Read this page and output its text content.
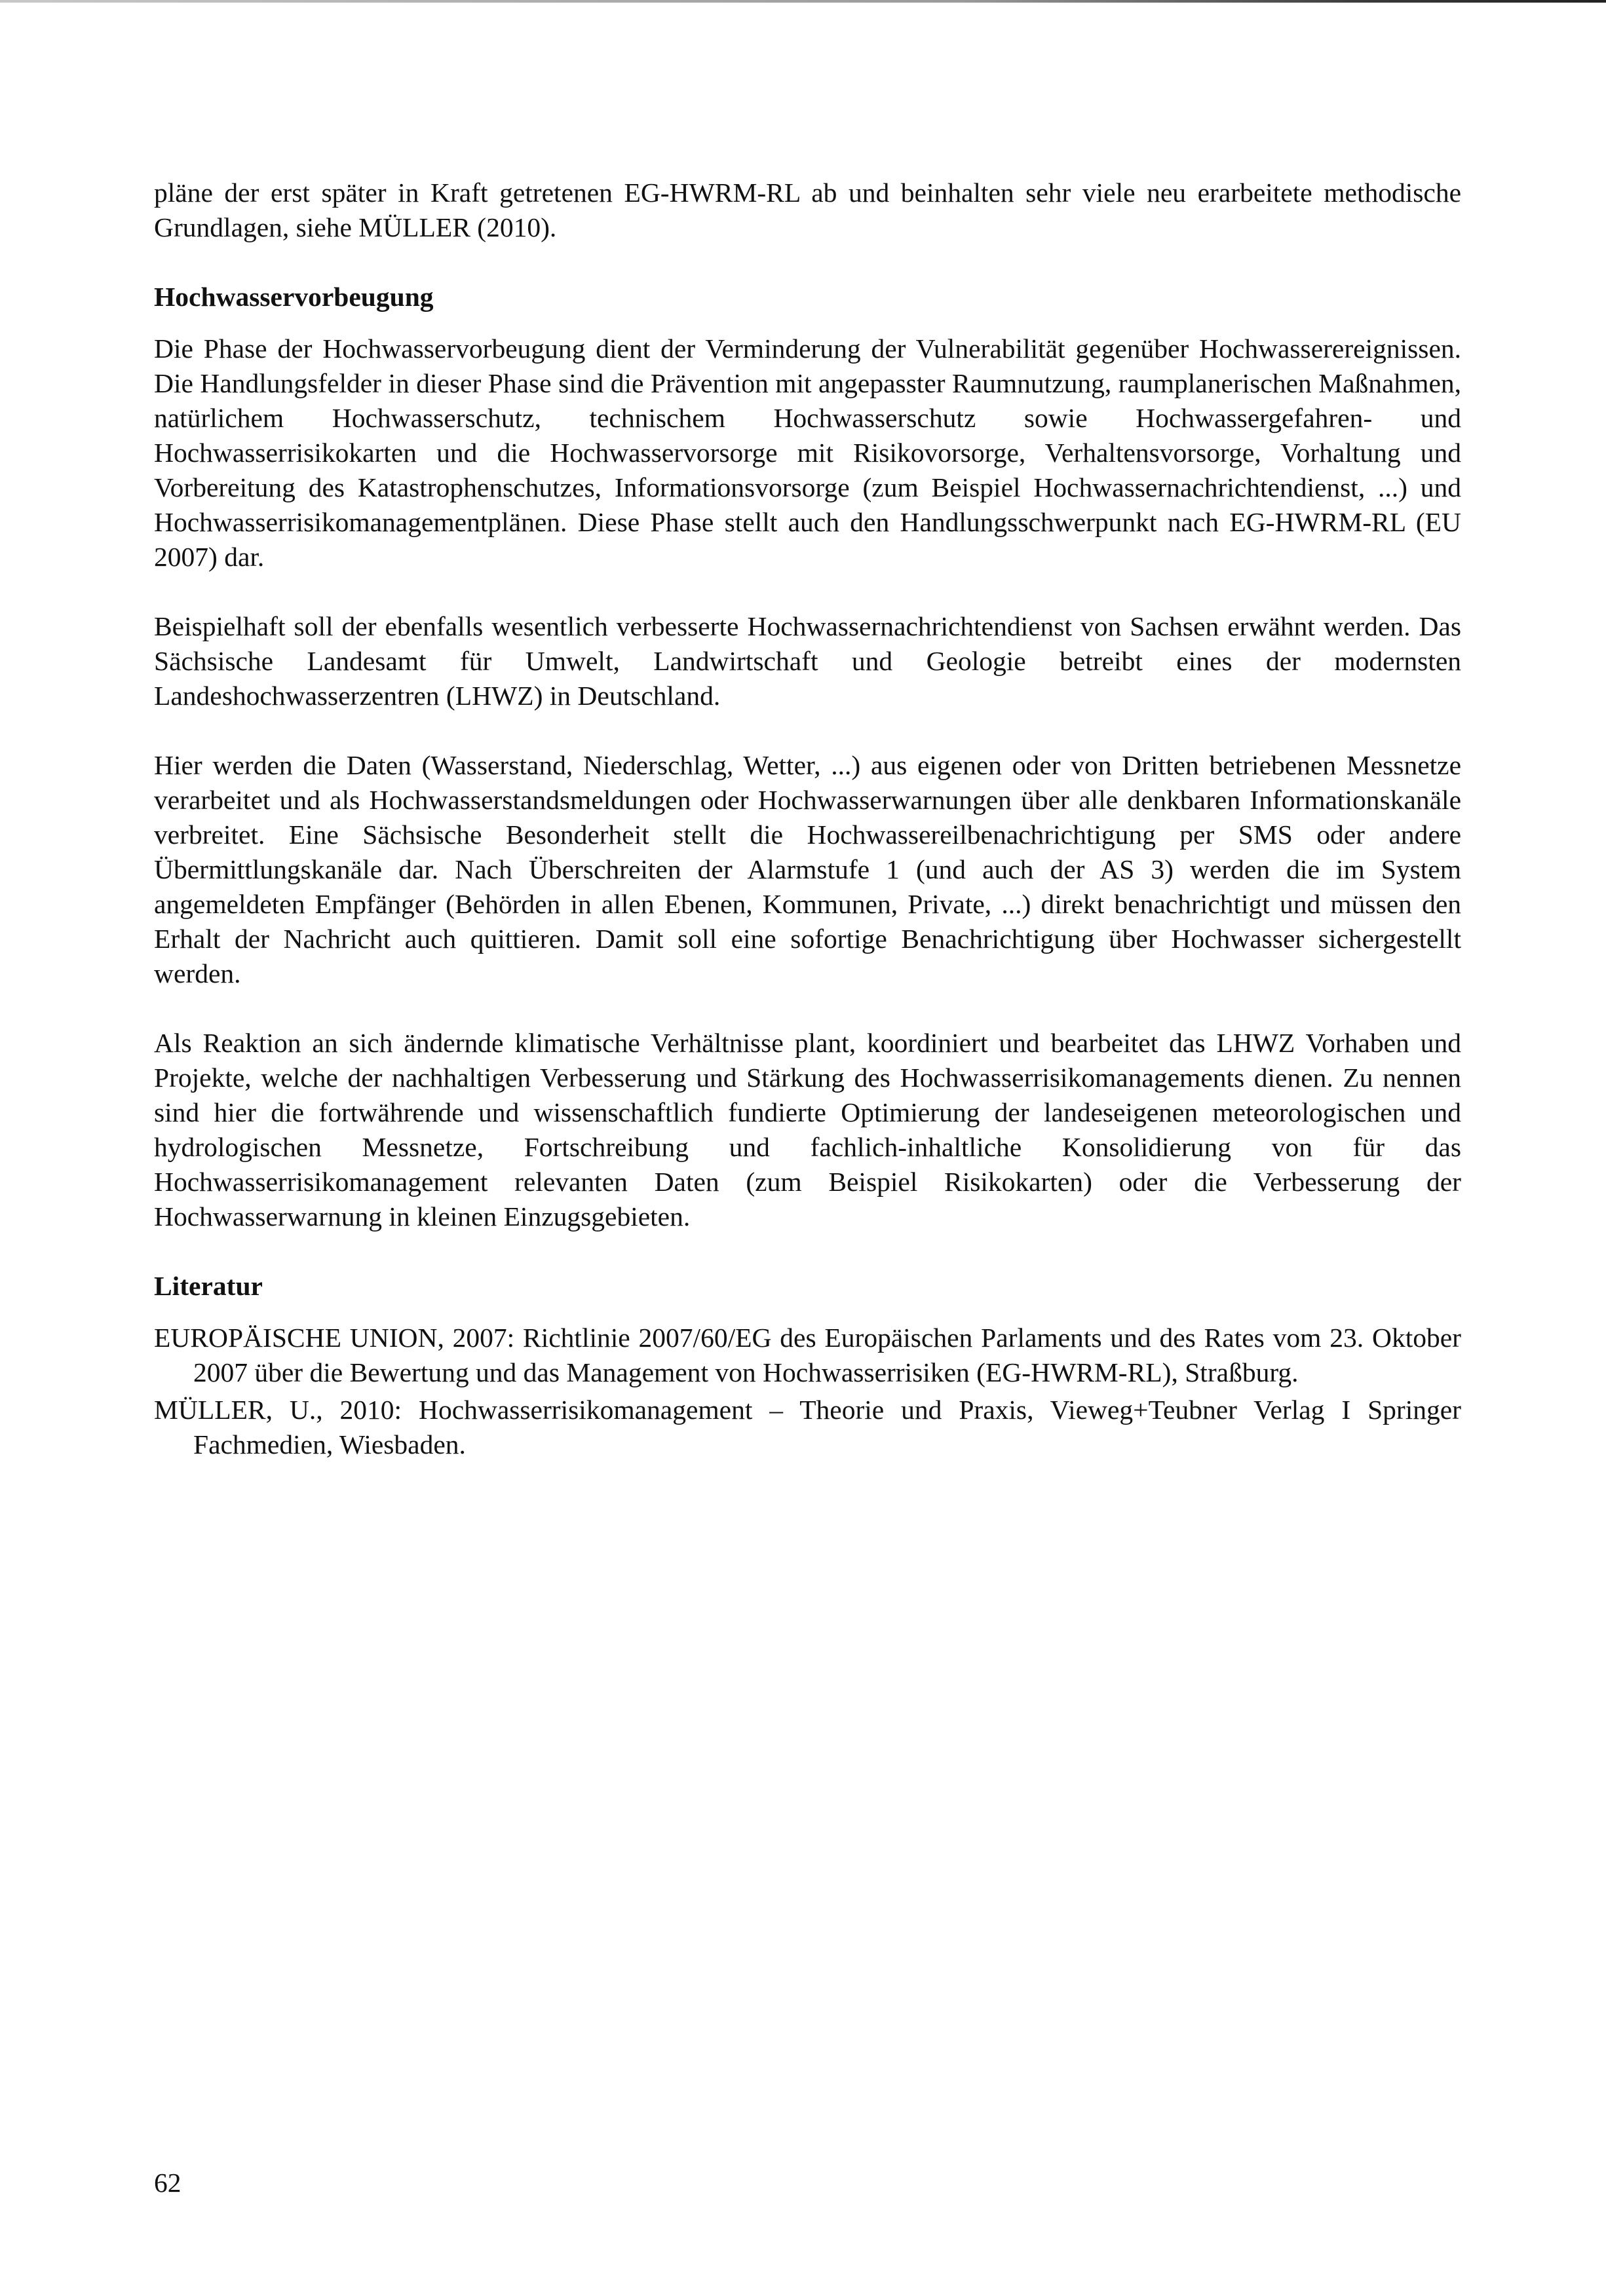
pläne der erst später in Kraft getretenen EG-HWRM-RL ab und beinhalten sehr viele neu erarbeitete methodische Grundlagen, siehe MÜLLER (2010).

Hochwasservorbeugung

Die Phase der Hochwasservorbeugung dient der Verminderung der Vulnerabilität gegenüber Hochwasserereignissen. Die Handlungsfelder in dieser Phase sind die Prävention mit angepasster Raumnutzung, raumplanerischen Maßnahmen, natürlichem Hochwasserschutz, technischem Hochwasserschutz sowie Hochwassergefahren- und Hochwasserrisikokarten und die Hochwasservorsorge mit Risikovorsorge, Verhaltensvorsorge, Vorhaltung und Vorbereitung des Katastrophenschutzes, Informationsvorsorge (zum Beispiel Hochwassernachrichtendienst, ...) und Hochwasserrisikomanagementplänen. Diese Phase stellt auch den Handlungsschwerpunkt nach EG-HWRM-RL (EU 2007) dar.

Beispielhaft soll der ebenfalls wesentlich verbesserte Hochwassernachrichtendienst von Sachsen erwähnt werden. Das Sächsische Landesamt für Umwelt, Landwirtschaft und Geologie betreibt eines der modernsten Landeshochwasserzentren (LHWZ) in Deutschland.

Hier werden die Daten (Wasserstand, Niederschlag, Wetter, ...) aus eigenen oder von Dritten betriebenen Messnetze verarbeitet und als Hochwasserstandsmeldungen oder Hochwasserwarnungen über alle denkbaren Informationskanäle verbreitet. Eine Sächsische Besonderheit stellt die Hochwassereilbenachrichtigung per SMS oder andere Übermittlungskanäle dar. Nach Überschreiten der Alarmstufe 1 (und auch der AS 3) werden die im System angemeldeten Empfänger (Behörden in allen Ebenen, Kommunen, Private, ...) direkt benachrichtigt und müssen den Erhalt der Nachricht auch quittieren. Damit soll eine sofortige Benachrichtigung über Hochwasser sichergestellt werden.

Als Reaktion an sich ändernde klimatische Verhältnisse plant, koordiniert und bearbeitet das LHWZ Vorhaben und Projekte, welche der nachhaltigen Verbesserung und Stärkung des Hochwasserrisikomanagements dienen. Zu nennen sind hier die fortwährende und wissenschaftlich fundierte Optimierung der landeseigenen meteorologischen und hydrologischen Messnetze, Fortschreibung und fachlich-inhaltliche Konsolidierung von für das Hochwasserrisikomanagement relevanten Daten (zum Beispiel Risikokarten) oder die Verbesserung der Hochwasserwarnung in kleinen Einzugsgebieten.

Literatur

EUROPÄISCHE UNION, 2007: Richtlinie 2007/60/EG des Europäischen Parlaments und des Rates vom 23. Oktober 2007 über die Bewertung und das Management von Hochwasserrisiken (EG-HWRM-RL), Straßburg.

MÜLLER, U., 2010: Hochwasserrisikomanagement – Theorie und Praxis, Vieweg+Teubner Verlag I Springer Fachmedien, Wiesbaden.

62
